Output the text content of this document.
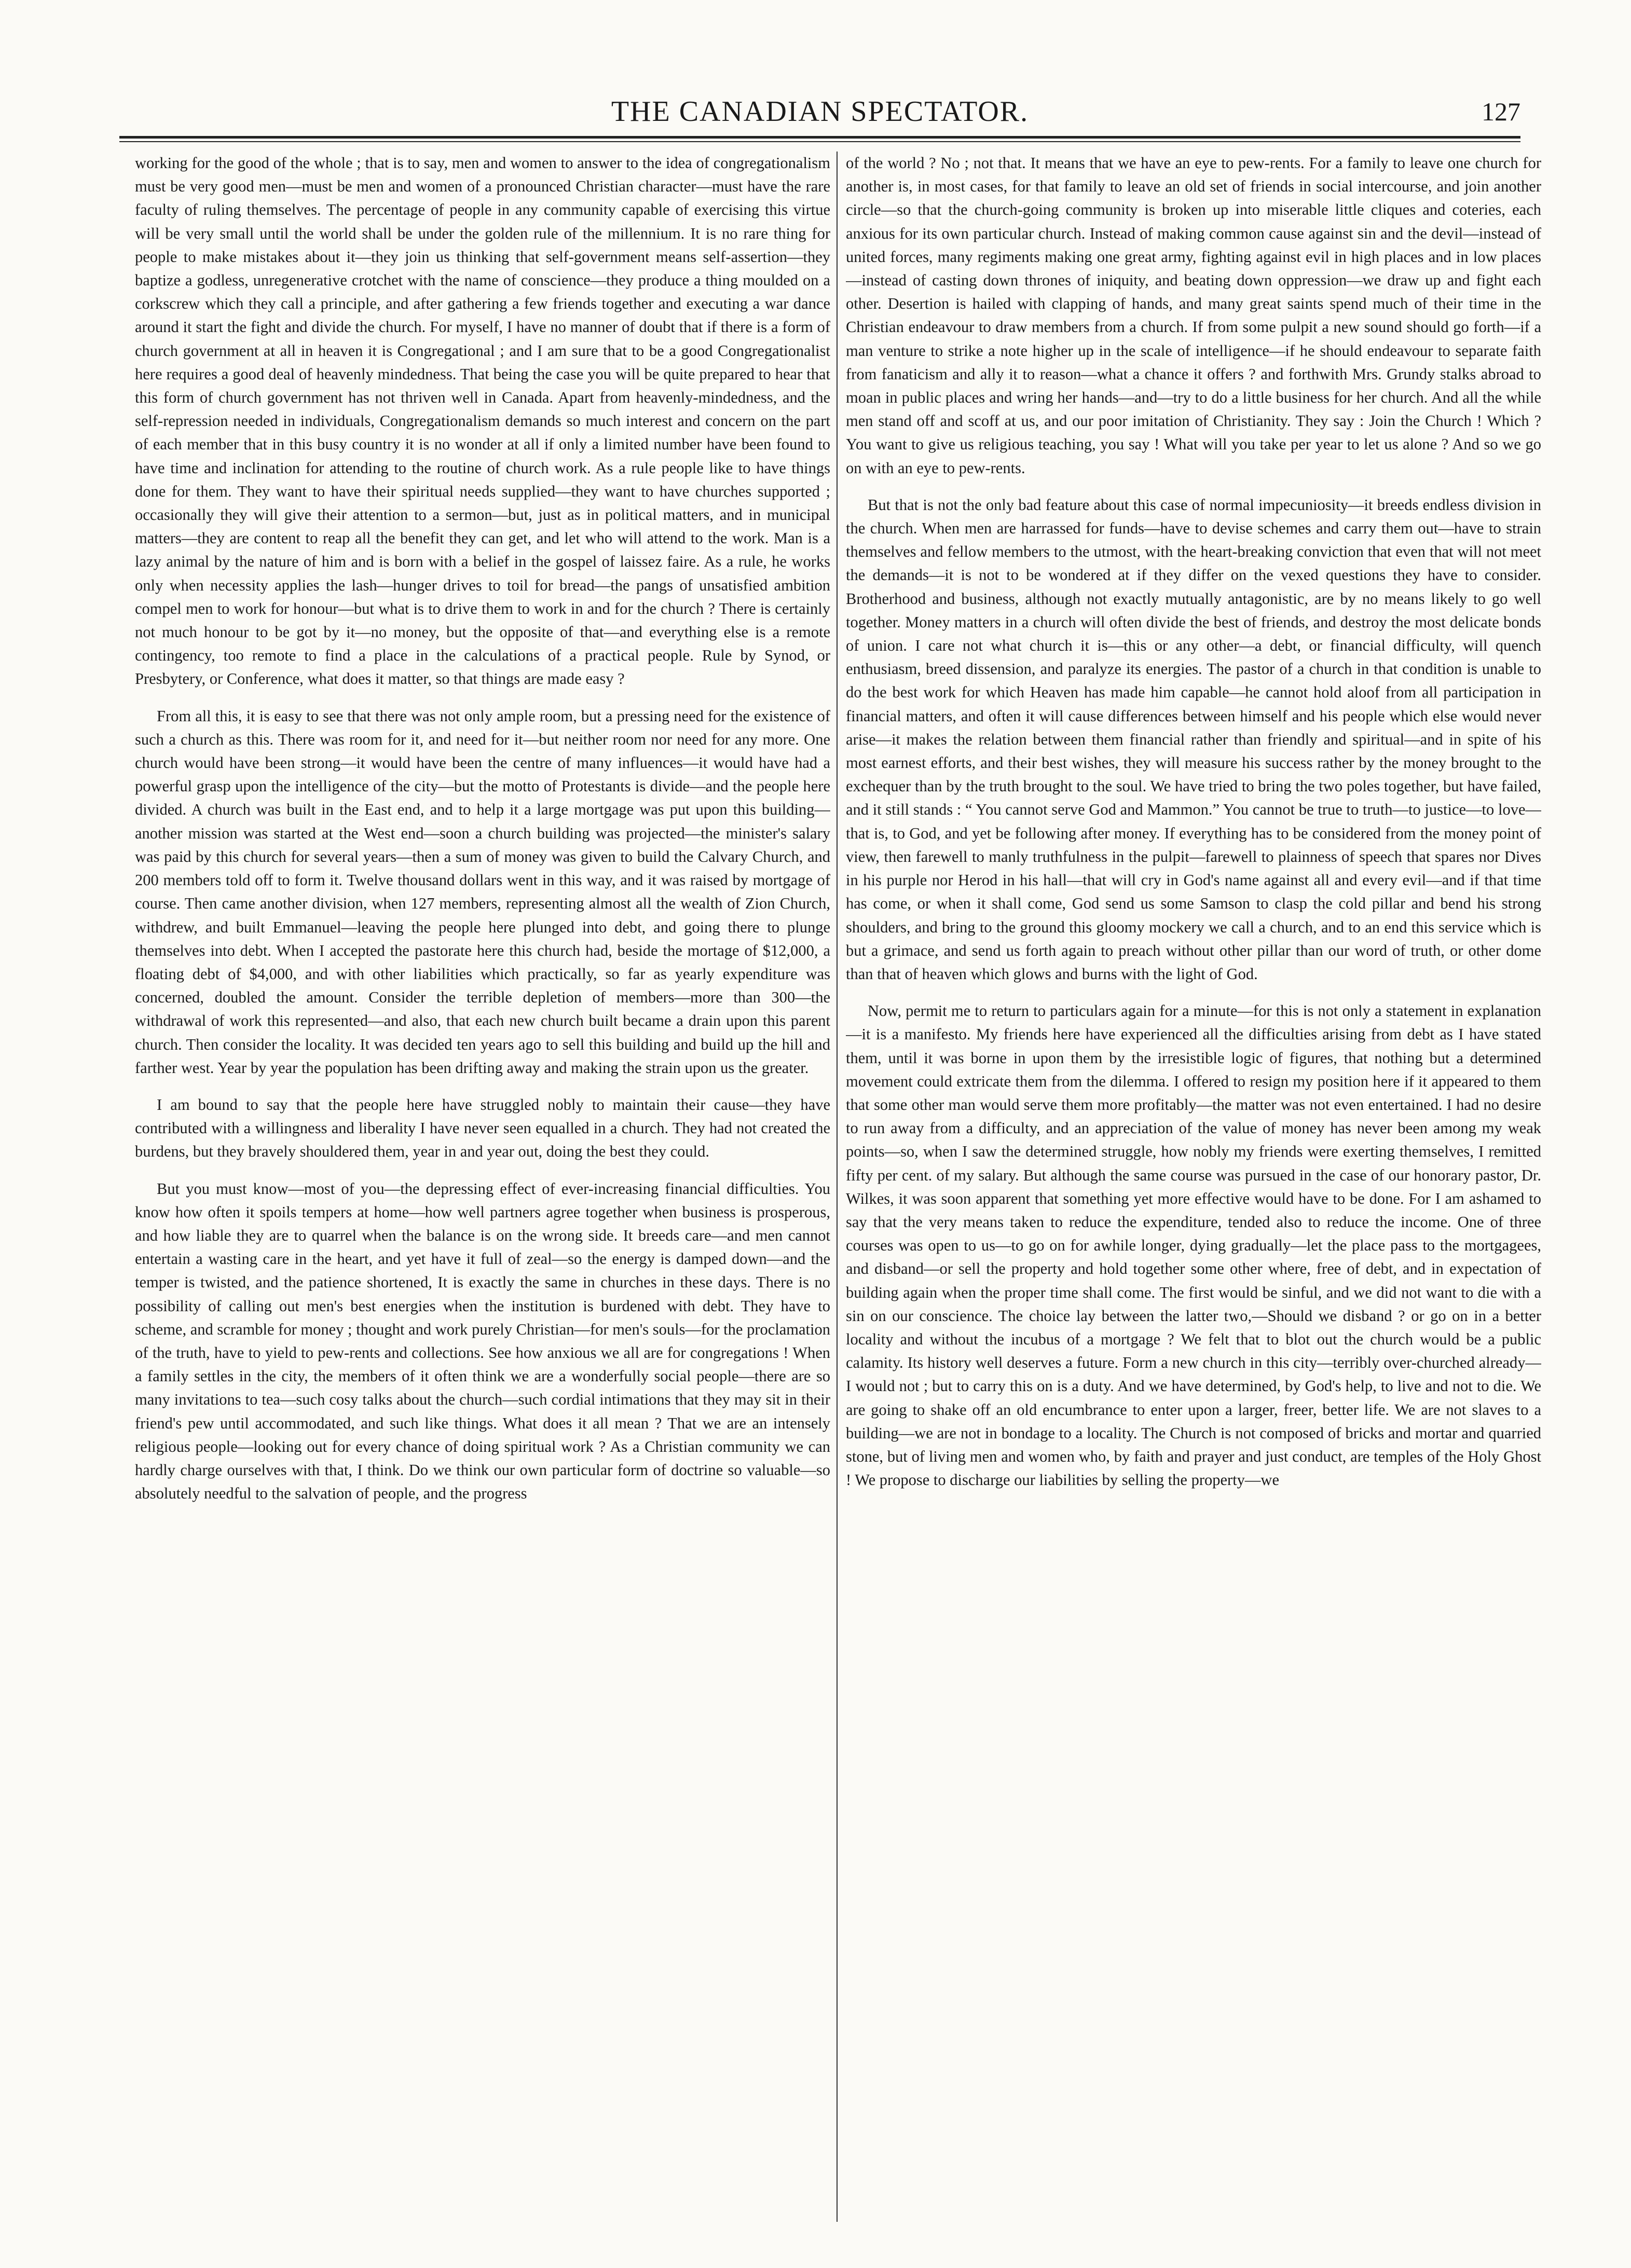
THE CANADIAN SPECTATOR.	127

working for the good of the whole ; that is to say, men and women to answer to the idea of congregationalism must be very good men—must be men and women of a pronounced Christian character—must have the rare faculty of ruling themselves. The percentage of people in any community capable of exercising this virtue will be very small until the world shall be under the golden rule of the millennium. It is no rare thing for people to make mistakes about it—they join us thinking that self-government means self-assertion—they baptize a godless, unregenerative crotchet with the name of conscience—they produce a thing moulded on a corkscrew which they call a principle, and after gathering a few friends together and executing a war dance around it start the fight and divide the church. For myself, I have no manner of doubt that if there is a form of church government at all in heaven it is Congregational ; and I am sure that to be a good Congregationalist here requires a good deal of heavenly mindedness. That being the case you will be quite prepared to hear that this form of church government has not thriven well in Canada. Apart from heavenly-mindedness, and the self-repression needed in individuals, Congregationalism demands so much interest and concern on the part of each member that in this busy country it is no wonder at all if only a limited number have been found to have time and inclination for attending to the routine of church work. As a rule people like to have things done for them. They want to have their spiritual needs supplied—they want to have churches supported ; occasionally they will give their attention to a sermon—but, just as in political matters, and in municipal matters—they are content to reap all the benefit they can get, and let who will attend to the work. Man is a lazy animal by the nature of him and is born with a belief in the gospel of laissez faire. As a rule, he works only when necessity applies the lash—hunger drives to toil for bread—the pangs of unsatisfied ambition compel men to work for honour—but what is to drive them to work in and for the church ? There is certainly not much honour to be got by it—no money, but the opposite of that—and everything else is a remote contingency, too remote to find a place in the calculations of a practical people. Rule by Synod, or Presbytery, or Conference, what does it matter, so that things are made easy ?

From all this, it is easy to see that there was not only ample room, but a pressing need for the existence of such a church as this. There was room for it, and need for it—but neither room nor need for any more. One church would have been strong—it would have been the centre of many influences—it would have had a powerful grasp upon the intelligence of the city—but the motto of Protestants is divide—and the people here divided. A church was built in the East end, and to help it a large mortgage was put upon this building—another mission was started at the West end—soon a church building was projected—the minister's salary was paid by this church for several years—then a sum of money was given to build the Calvary Church, and 200 members told off to form it. Twelve thousand dollars went in this way, and it was raised by mortgage of course. Then came another division, when 127 members, representing almost all the wealth of Zion Church, withdrew, and built Emmanuel—leaving the people here plunged into debt, and going there to plunge themselves into debt. When I accepted the pastorate here this church had, beside the mortage of $12,000, a floating debt of $4,000, and with other liabilities which practically, so far as yearly expenditure was concerned, doubled the amount. Consider the terrible depletion of members—more than 300—the withdrawal of work this represented—and also, that each new church built became a drain upon this parent church. Then consider the locality. It was decided ten years ago to sell this building and build up the hill and farther west. Year by year the population has been drifting away and making the strain upon us the greater.

I am bound to say that the people here have struggled nobly to maintain their cause—they have contributed with a willingness and liberality I have never seen equalled in a church. They had not created the burdens, but they bravely shouldered them, year in and year out, doing the best they could.

But you must know—most of you—the depressing effect of ever-increasing financial difficulties. You know how often it spoils tempers at home—how well partners agree together when business is prosperous, and how liable they are to quarrel when the balance is on the wrong side. It breeds care—and men cannot entertain a wasting care in the heart, and yet have it full of zeal—so the energy is damped down—and the temper is twisted, and the patience shortened, It is exactly the same in churches in these days. There is no possibility of calling out men's best energies when the institution is burdened with debt. They have to scheme, and scramble for money ; thought and work purely Christian—for men's souls—for the proclamation of the truth, have to yield to pew-rents and collections. See how anxious we all are for congregations ! When a family settles in the city, the members of it often think we are a wonderfully social people—there are so many invitations to tea—such cosy talks about the church—such cordial intimations that they may sit in their friend's pew until accommodated, and such like things. What does it all mean ? That we are an intensely religious people—looking out for every chance of doing spiritual work ? As a Christian community we can hardly charge ourselves with that, I think. Do we think our own particular form of doctrine so valuable—so absolutely needful to the salvation of people, and the progress

of the world ? No ; not that. It means that we have an eye to pew-rents. For a family to leave one church for another is, in most cases, for that family to leave an old set of friends in social intercourse, and join another circle—so that the church-going community is broken up into miserable little cliques and coteries, each anxious for its own particular church. Instead of making common cause against sin and the devil—instead of united forces, many regiments making one great army, fighting against evil in high places and in low places—instead of casting down thrones of iniquity, and beating down oppression—we draw up and fight each other. Desertion is hailed with clapping of hands, and many great saints spend much of their time in the Christian endeavour to draw members from a church. If from some pulpit a new sound should go forth—if a man venture to strike a note higher up in the scale of intelligence—if he should endeavour to separate faith from fanaticism and ally it to reason—what a chance it offers ? and forthwith Mrs. Grundy stalks abroad to moan in public places and wring her hands—and—try to do a little business for her church. And all the while men stand off and scoff at us, and our poor imitation of Christianity. They say : Join the Church ! Which ? You want to give us religious teaching, you say ! What will you take per year to let us alone ? And so we go on with an eye to pew-rents.

But that is not the only bad feature about this case of normal impecuniosity—it breeds endless division in the church. When men are harrassed for funds—have to devise schemes and carry them out—have to strain themselves and fellow members to the utmost, with the heart-breaking conviction that even that will not meet the demands—it is not to be wondered at if they differ on the vexed questions they have to consider. Brotherhood and business, although not exactly mutually antagonistic, are by no means likely to go well together. Money matters in a church will often divide the best of friends, and destroy the most delicate bonds of union. I care not what church it is—this or any other—a debt, or financial difficulty, will quench enthusiasm, breed dissension, and paralyze its energies. The pastor of a church in that condition is unable to do the best work for which Heaven has made him capable—he cannot hold aloof from all participation in financial matters, and often it will cause differences between himself and his people which else would never arise—it makes the relation between them financial rather than friendly and spiritual—and in spite of his most earnest efforts, and their best wishes, they will measure his success rather by the money brought to the exchequer than by the truth brought to the soul. We have tried to bring the two poles together, but have failed, and it still stands : “ You cannot serve God and Mammon.” You cannot be true to truth—to justice—to love—that is, to God, and yet be following after money. If everything has to be considered from the money point of view, then farewell to manly truthfulness in the pulpit—farewell to plainness of speech that spares nor Dives in his purple nor Herod in his hall—that will cry in God's name against all and every evil—and if that time has come, or when it shall come, God send us some Samson to clasp the cold pillar and bend his strong shoulders, and bring to the ground this gloomy mockery we call a church, and to an end this service which is but a grimace, and send us forth again to preach without other pillar than our word of truth, or other dome than that of heaven which glows and burns with the light of God.

Now, permit me to return to particulars again for a minute—for this is not only a statement in explanation—it is a manifesto. My friends here have experienced all the difficulties arising from debt as I have stated them, until it was borne in upon them by the irresistible logic of figures, that nothing but a determined movement could extricate them from the dilemma. I offered to resign my position here if it appeared to them that some other man would serve them more profitably—the matter was not even entertained. I had no desire to run away from a difficulty, and an appreciation of the value of money has never been among my weak points—so, when I saw the determined struggle, how nobly my friends were exerting themselves, I remitted fifty per cent. of my salary. But although the same course was pursued in the case of our honorary pastor, Dr. Wilkes, it was soon apparent that something yet more effective would have to be done. For I am ashamed to say that the very means taken to reduce the expenditure, tended also to reduce the income. One of three courses was open to us—to go on for awhile longer, dying gradually—let the place pass to the mortgagees, and disband—or sell the property and hold together some other where, free of debt, and in expectation of building again when the proper time shall come. The first would be sinful, and we did not want to die with a sin on our conscience. The choice lay between the latter two,—Should we disband ? or go on in a better locality and without the incubus of a mortgage ? We felt that to blot out the church would be a public calamity. Its history well deserves a future. Form a new church in this city—terribly over-churched already—I would not ; but to carry this on is a duty. And we have determined, by God's help, to live and not to die. We are going to shake off an old encumbrance to enter upon a larger, freer, better life. We are not slaves to a building—we are not in bondage to a locality. The Church is not composed of bricks and mortar and quarried stone, but of living men and women who, by faith and prayer and just conduct, are temples of the Holy Ghost ! We propose to discharge our liabilities by selling the property—we
